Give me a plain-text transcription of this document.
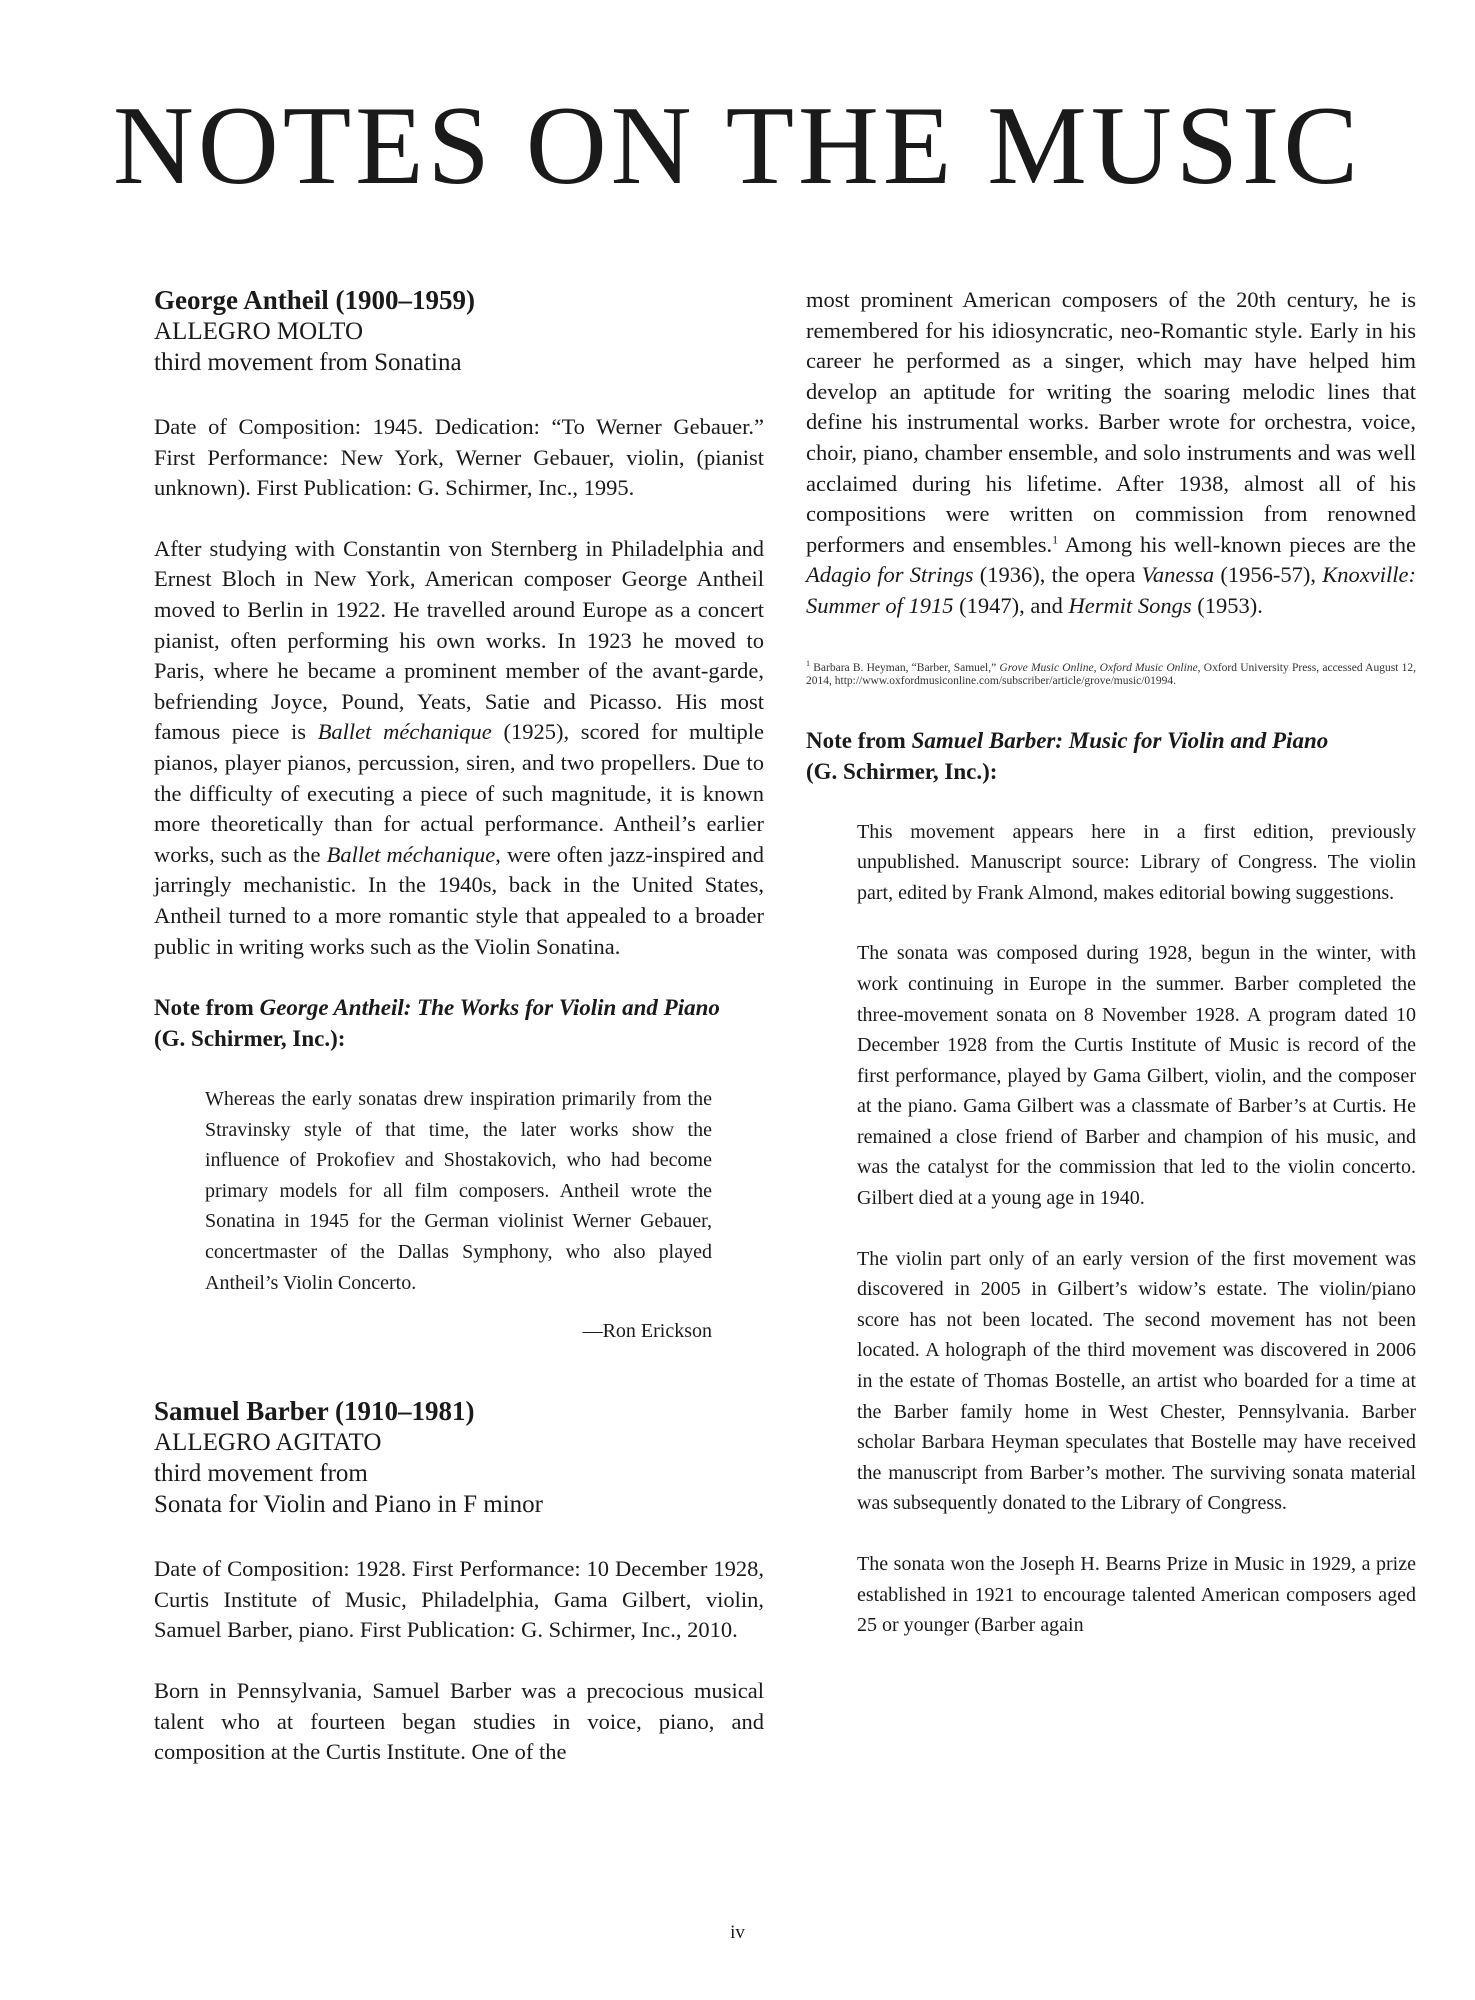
NOTES ON THE MUSIC
George Antheil (1900–1959)
ALLEGRO MOLTO
third movement from Sonatina

Date of Composition: 1945. Dedication: “To Werner Gebauer.” First Performance: New York, Werner Gebauer, violin, (pianist unknown). First Publication: G. Schirmer, Inc., 1995.

After studying with Constantin von Sternberg in Philadelphia and Ernest Bloch in New York, American composer George Antheil moved to Berlin in 1922. He travelled around Europe as a concert pianist, often performing his own works. In 1923 he moved to Paris, where he became a prominent member of the avant-garde, befriending Joyce, Pound, Yeats, Satie and Picasso. His most famous piece is Ballet méchanique (1925), scored for multiple pianos, player pianos, percussion, siren, and two propellers. Due to the difficulty of executing a piece of such magnitude, it is known more theoretically than for actual performance. Antheil’s earlier works, such as the Ballet méchanique, were often jazz-inspired and jarringly mechanistic. In the 1940s, back in the United States, Antheil turned to a more romantic style that appealed to a broader public in writing works such as the Violin Sonatina.

Note from George Antheil: The Works for Violin and Piano
(G. Schirmer, Inc.):

Whereas the early sonatas drew inspiration primarily from the Stravinsky style of that time, the later works show the influence of Prokofiev and Shostakovich, who had become primary models for all film composers. Antheil wrote the Sonatina in 1945 for the German violinist Werner Gebauer, concertmaster of the Dallas Symphony, who also played Antheil’s Violin Concerto.

—Ron Erickson
Samuel Barber (1910–1981)
ALLEGRO AGITATO
third movement from
Sonata for Violin and Piano in F minor

Date of Composition: 1928. First Performance: 10 December 1928, Curtis Institute of Music, Philadelphia, Gama Gilbert, violin, Samuel Barber, piano. First Publication: G. Schirmer, Inc., 2010.

Born in Pennsylvania, Samuel Barber was a precocious musical talent who at fourteen began studies in voice, piano, and composition at the Curtis Institute. One of the

most prominent American composers of the 20th century, he is remembered for his idiosyncratic, neo-Romantic style. Early in his career he performed as a singer, which may have helped him develop an aptitude for writing the soaring melodic lines that define his instrumental works. Barber wrote for orchestra, voice, choir, piano, chamber ensemble, and solo instruments and was well acclaimed during his lifetime. After 1938, almost all of his compositions were written on commission from renowned performers and ensembles.$^1$ Among his well-known pieces are the Adagio for Strings (1936), the opera Vanessa (1956-57), Knoxville: Summer of 1915 (1947), and Hermit Songs (1953).

$^1$ Barbara B. Heyman, “Barber, Samuel,” Grove Music Online, Oxford Music Online, Oxford University Press, accessed August 12, 2014, http://www.oxfordmusiconline.com/subscriber/article/grove/music/01994.

Note from Samuel Barber: Music for Violin and Piano
(G. Schirmer, Inc.):

This movement appears here in a first edition, previously unpublished. Manuscript source: Library of Congress. The violin part, edited by Frank Almond, makes editorial bowing suggestions.

The sonata was composed during 1928, begun in the winter, with work continuing in Europe in the summer. Barber completed the three-movement sonata on 8 November 1928. A program dated 10 December 1928 from the Curtis Institute of Music is record of the first performance, played by Gama Gilbert, violin, and the composer at the piano. Gama Gilbert was a classmate of Barber’s at Curtis. He remained a close friend of Barber and champion of his music, and was the catalyst for the commission that led to the violin concerto. Gilbert died at a young age in 1940.

The violin part only of an early version of the first movement was discovered in 2005 in Gilbert’s widow’s estate. The violin/piano score has not been located. The second movement has not been located. A holograph of the third movement was discovered in 2006 in the estate of Thomas Bostelle, an artist who boarded for a time at the Barber family home in West Chester, Pennsylvania. Barber scholar Barbara Heyman speculates that Bostelle may have received the manuscript from Barber’s mother. The surviving sonata material was subsequently donated to the Library of Congress.

The sonata won the Joseph H. Bearns Prize in Music in 1929, a prize established in 1921 to encourage talented American composers aged 25 or younger (Barber again

iv
